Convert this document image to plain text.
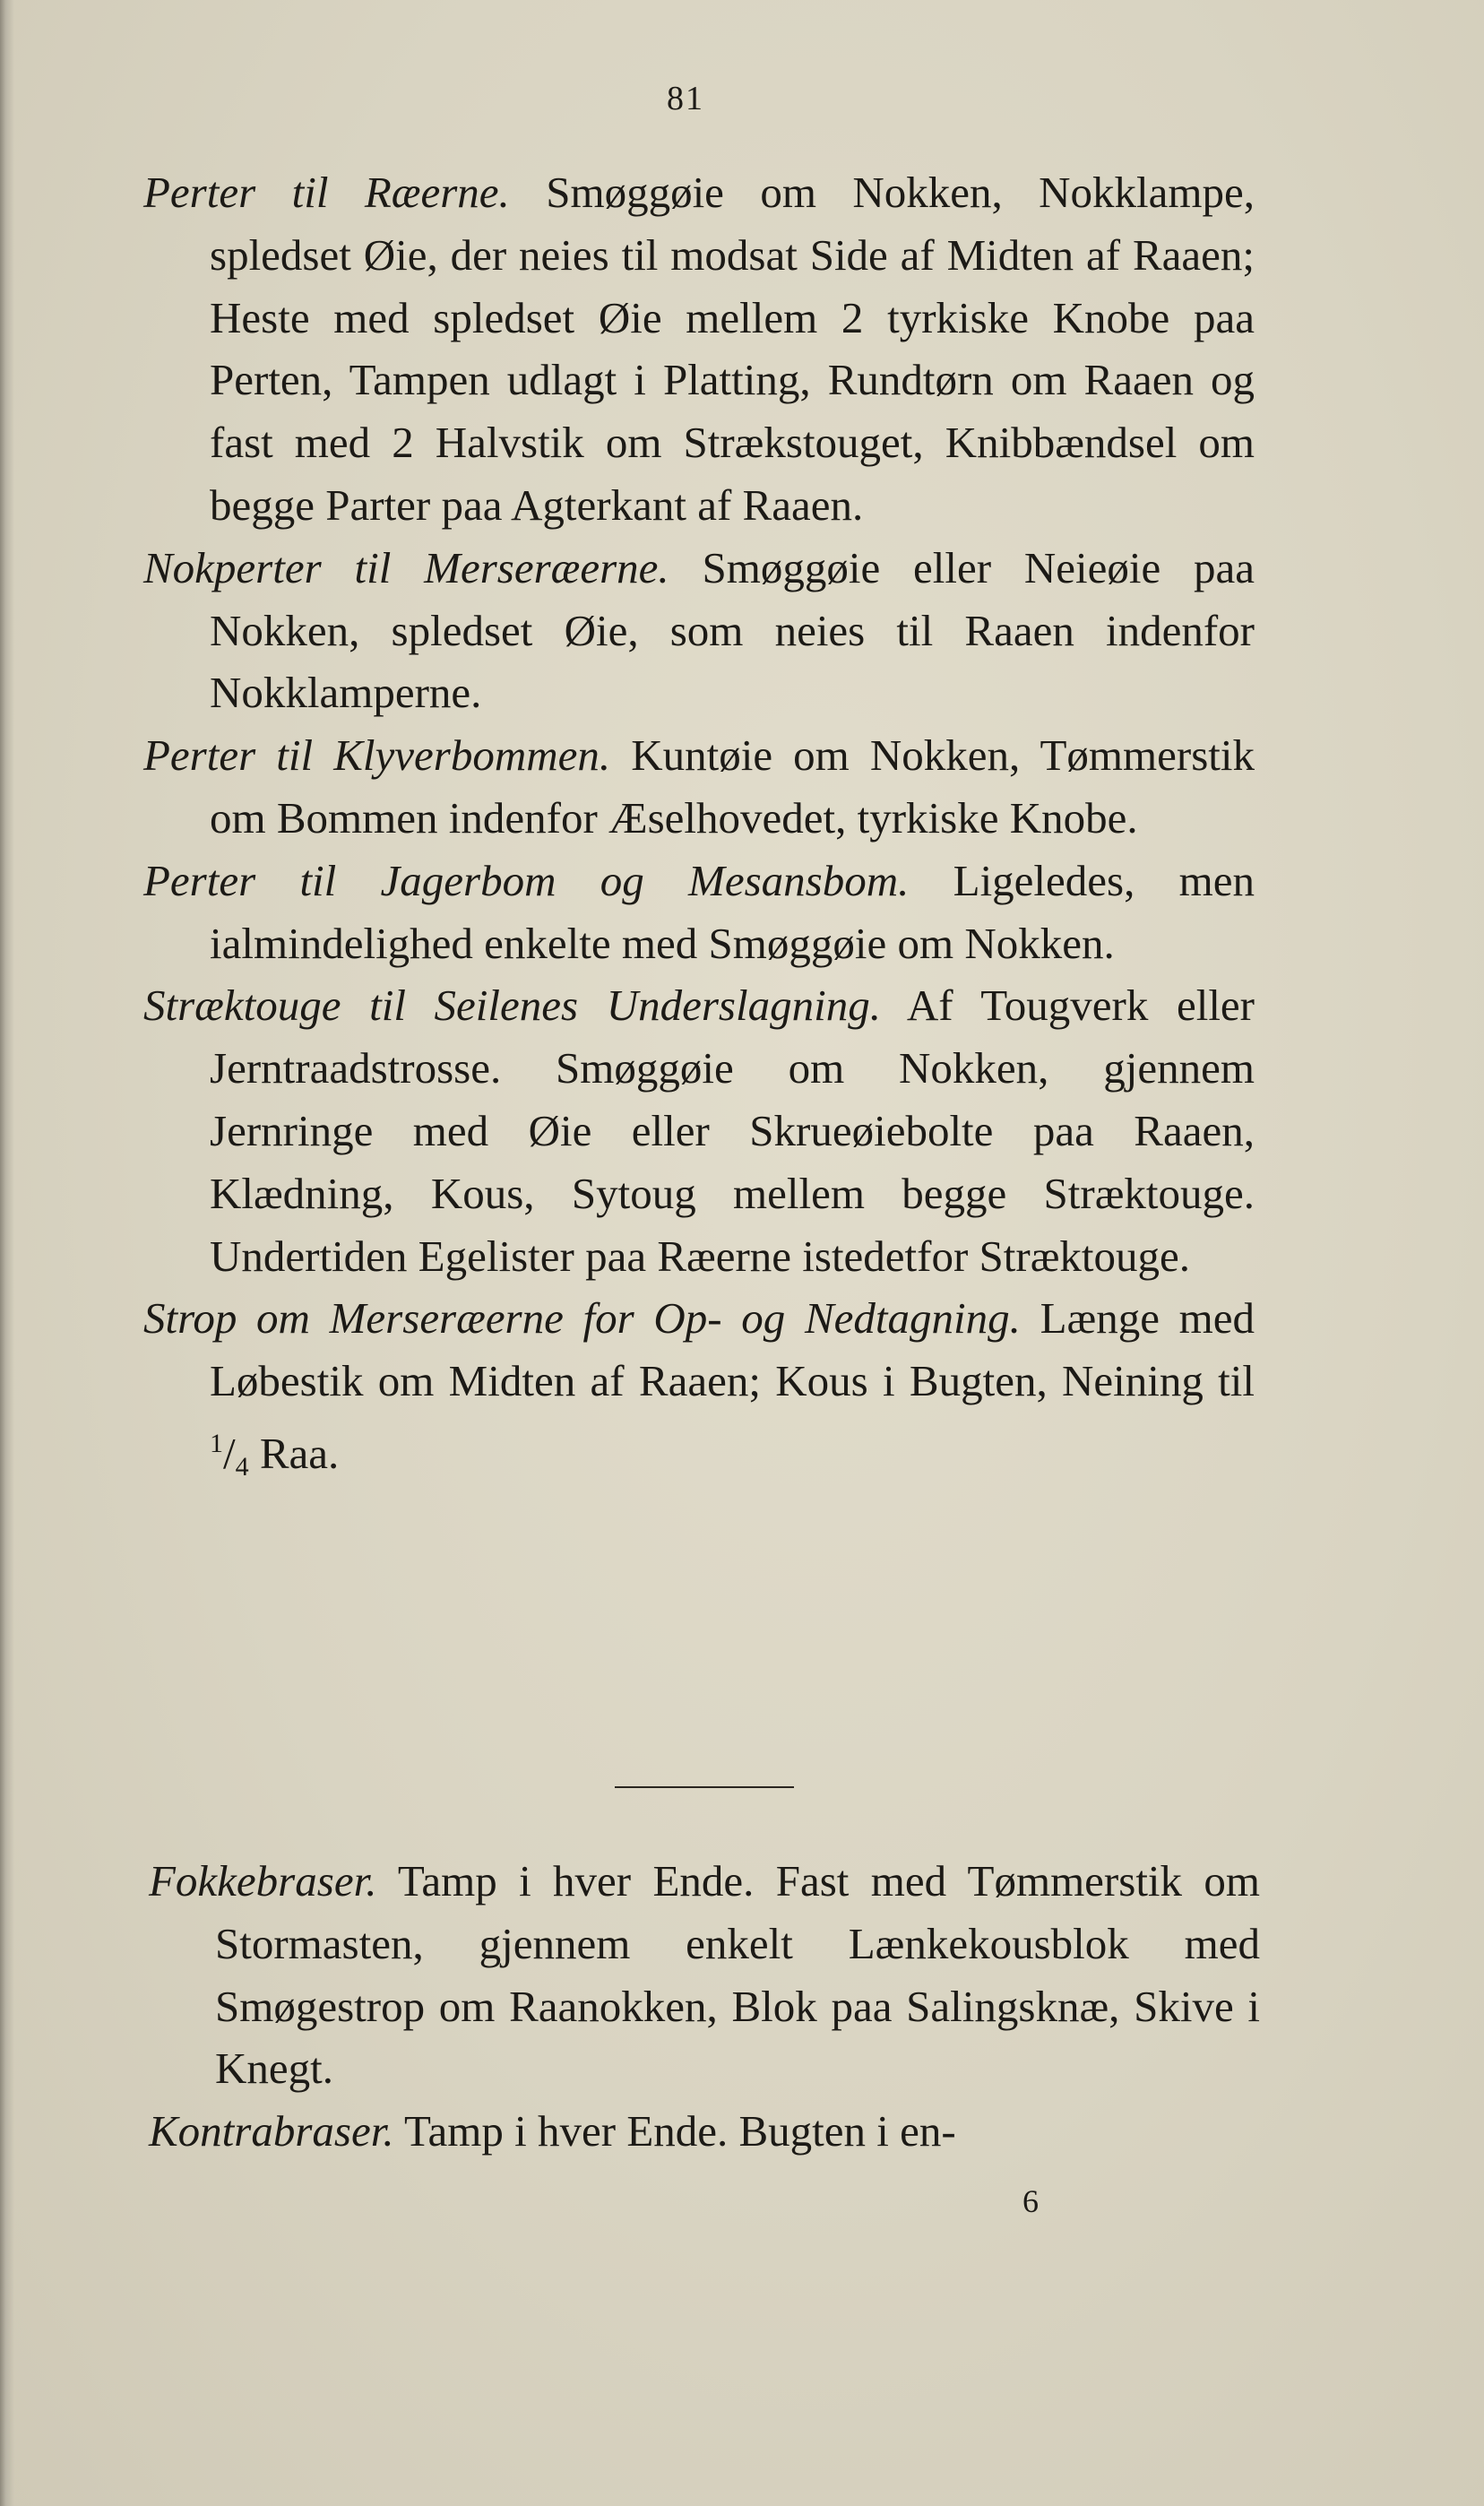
81

Perter til Ræerne. Smøggøie om Nokken, Nokklampe, spledset Øie, der neies til modsat Side af Midten af Raaen; Heste med spledset Øie mellem 2 tyrkiske Knobe paa Perten, Tampen udlagt i Platting, Rundtørn om Raaen og fast med 2 Halvstik om Strækstouget, Knibbændsel om begge Parter paa Agterkant af Raaen.

Nokperter til Merseræerne. Smøggøie eller Neieøie paa Nokken, spledset Øie, som neies til Raaen indenfor Nokklamperne.

Perter til Klyverbommen. Kuntøie om Nokken, Tømmerstik om Bommen indenfor Æselhovedet, tyrkiske Knobe.

Perter til Jagerbom og Mesansbom. Ligeledes, men ialmindelighed enkelte med Smøggøie om Nokken.

Stræktouge til Seilenes Underslagning. Af Tougverk eller Jerntraadstrosse. Smøggøie om Nokken, gjennem Jernringe med Øie eller Skrueøiebolte paa Raaen, Klædning, Kous, Sytoug mellem begge Stræktouge. Undertiden Egelister paa Ræerne istedetfor Stræktouge.

Strop om Merseræerne for Op- og Nedtagning. Længe med Løbestik om Midten af Raaen; Kous i Bugten, Neining til $^1/_4$ Raa.

Fokkebraser. Tamp i hver Ende. Fast med Tømmerstik om Stormasten, gjennem enkelt Lænkekousblok med Smøgestrop om Raanokken, Blok paa Salingsknæ, Skive i Knegt.

Kontrabraser. Tamp i hver Ende. Bugten i en-

6
